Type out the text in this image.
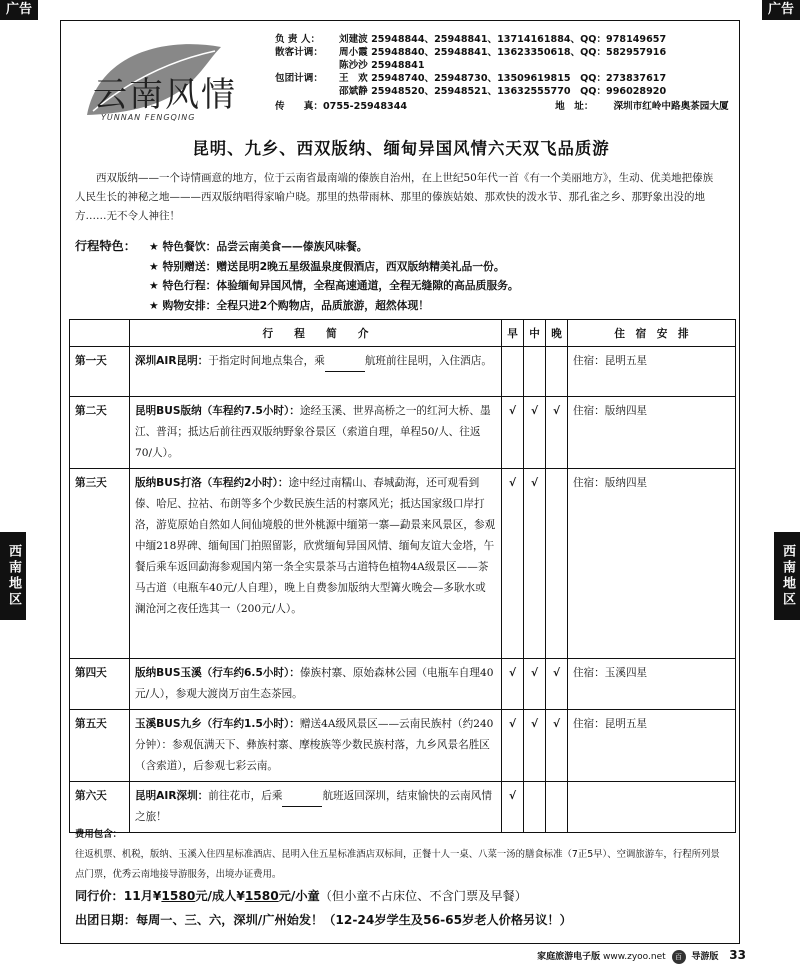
广告	广告
西南地区	西南地区
云南风情
YUNNAN FENGQING
负 责 人：	刘建波 25948844、25948841、13714161884、QQ：978149657
散客计调：	周小霞 25948840、25948841、13623350618、QQ：582957916
陈沙沙 25948841
包团计调：	王　欢 25948740、25948730、13509619815　QQ：273837617
邵斌静 25948520、25948521、13632555770　QQ：996028920
传　　真：0755-25948344	地　址： 深圳市红岭中路奥茶园大厦
昆明、九乡、西双版纳、缅甸异国风情六天双飞品质游

西双版纳——一个诗情画意的地方，位于云南省最南端的傣族自治州，在上世纪50年代一首《有一个美丽地方》，生动、优美地把傣族人民生长的神秘之地———西双版纳唱得家喻户晓。那里的热带雨林、那里的傣族姑娘、那欢快的泼水节、那孔雀之乡、那野象出没的地方……无不令人神往！

行程特色： ★ 特色餐饮：品尝云南美食——傣族风味餐。
★ 特别赠送：赠送昆明2晚五星级温泉度假酒店，西双版纳精美礼品一份。
★ 特色行程：体验缅甸异国风情，全程高速通道，全程无缝隙的高品质服务。
★ 购物安排：全程只进2个购物店，品质旅游，超然体现！
	行　　程　　简　　介	早	中	晚	住　宿　安　排
第一天	深圳AIR昆明：于指定时间地点集合，乘 航班前往昆明，入住酒店。				住宿：昆明五星
第二天	昆明BUS版纳（车程约7.5小时）：途经玉溪、世界高桥之一的红河大桥、墨江、普洱；抵达后前往西双版纳野象谷景区（索道自理，单程50/人、往返70/人）。	√	√	√	住宿：版纳四星
第三天	版纳BUS打洛（车程约2小时）：途中经过南糯山、春城勐海，还可观看到傣、哈尼、拉祜、布朗等多个少数民族生活的村寨风光；抵达国家级口岸打洛，游览原始自然如人间仙境般的世外桃源中缅第一寨—勐景来风景区，参观中缅218界碑、缅甸国门拍照留影，欣赏缅甸异国风情、缅甸友谊大金塔，午餐后乘车返回勐海参观国内第一条全实景茶马古道特色植物4A级景区——茶马古道（电瓶车40元/人自理），晚上自费参加版纳大型篝火晚会—多耿水或澜沧河之夜任选其一（200元/人）。	√	√		住宿：版纳四星
第四天	版纳BUS玉溪（行车约6.5小时）：傣族村寨、原始森林公园（电瓶车自理40元/人），参观大渡岗万亩生态茶园。	√	√	√	住宿：玉溪四星
第五天	玉溪BUS九乡（行车约1.5小时）：赠送4A级风景区——云南民族村（约240分钟）：参观佤满天下、彝族村寨、摩梭族等少数民族村落，九乡风景名胜区（含索道），后参观七彩云南。	√	√	√	住宿：昆明五星
第六天	昆明AIR深圳：前往花市，后乘 航班返回深圳，结束愉快的云南风情之旅！	√			
费用包含：
往返机票、机税，版纳、玉溪入住四星标准酒店、昆明入住五星标准酒店双标间，正餐十人一桌、八菜一汤的膳食标准（7正5早）、空调旅游车，行程所列景点门票，优秀云南地接导游服务，出境办证费用。
同行价：11月¥1580元/成人¥1580元/小童（但小童不占床位、不含门票及早餐）
出团日期：每周一、三、六，深圳/广州始发！（12-24岁学生及56-65岁老人价格另议！）
家庭旅游电子版 www.zyoo.net 百 导游版 33
